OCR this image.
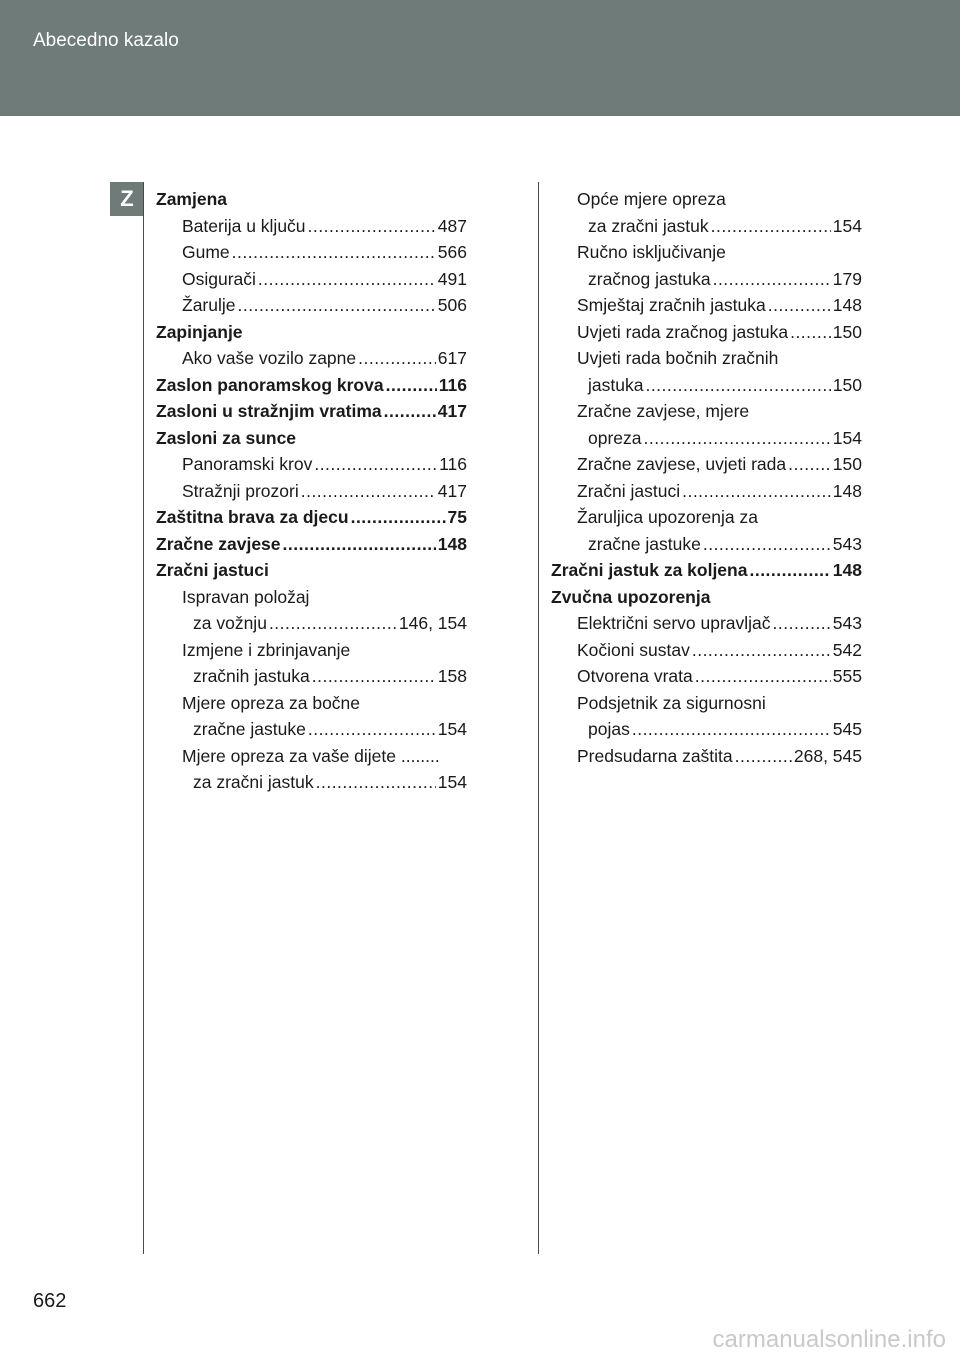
Abecedno kazalo
Z	Zamjena
Baterija u ključu .....	487
Gume .....	566
Osigurači .....	491
Žarulje .....	506
Zapinjanje
Ako vaše vozilo zapne .....	617
Zaslon panoramskog krova .....	116
Zasloni u stražnjim vratima .....	417
Zasloni za sunce
Panoramski krov .....	116
Stražnji prozori .....	417
Zaštitna brava za djecu .....	75
Zračne zavjese .....	148
Zračni jastuci
Ispravan položaj
za vožnju .....	146, 154
Izmjene i zbrinjavanje
zračnih jastuka .....	158
Mjere opreza za bočne
zračne jastuke .....	154
Mjere opreza za vaše dijete ........
za zračni jastuk .....	154
Opće mjere opreza
za zračni jastuk .....	154
Ručno isključivanje
zračnog jastuka .....	179
Smještaj zračnih jastuka .....	148
Uvjeti rada zračnog jastuka .....	150
Uvjeti rada bočnih zračnih
jastuka .....	150
Zračne zavjese, mjere
opreza .....	154
Zračne zavjese, uvjeti rada .....	150
Zračni jastuci .....	148
Žaruljica upozorenja za
zračne jastuke .....	543
Zračni jastuk za koljena .....	148
Zvučna upozorenja
Električni servo upravljač .....	543
Kočioni sustav .....	542
Otvorena vrata .....	555
Podsjetnik za sigurnosni
pojas .....	545
Predsudarna zaštita .....	268, 545
662
carmanualsonline.info
